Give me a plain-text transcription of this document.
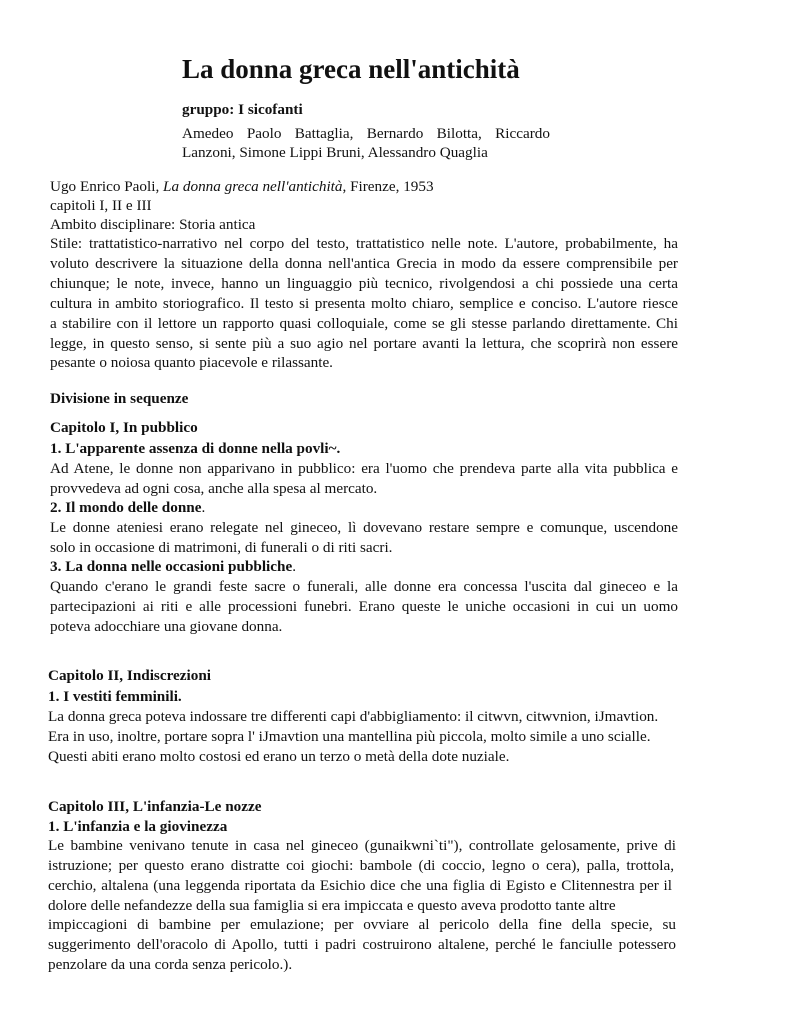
La donna greca nell'antichità
gruppo: I sicofanti
Amedeo Paolo Battaglia, Bernardo Bilotta, Riccardo
Lanzoni, Simone Lippi Bruni, Alessandro Quaglia
Ugo Enrico Paoli, La donna greca nell'antichità, Firenze, 1953
capitoli I, II e III
Ambito disciplinare: Storia antica
Stile: trattatistico-narrativo nel corpo del testo, trattatistico nelle note. L'autore, probabilmente, ha
voluto descrivere la situazione della donna nell'antica Grecia in modo da essere comprensibile per
chiunque; le note, invece, hanno un linguaggio più tecnico, rivolgendosi a chi possiede una certa
cultura in ambito storiografico. Il testo si presenta molto chiaro, semplice e conciso. L'autore riesce
a stabilire con il lettore un rapporto quasi colloquiale, come se gli stesse parlando direttamente. Chi
legge, in questo senso, si sente più a suo agio nel portare avanti la lettura, che scoprirà non essere
pesante o noiosa quanto piacevole e rilassante.
Divisione in sequenze
Capitolo I, In pubblico
1. L'apparente assenza di donne nella povli~.
Ad Atene, le donne non apparivano in pubblico: era l'uomo che prendeva parte alla vita pubblica e
provvedeva ad ogni cosa, anche alla spesa al mercato.
2. Il mondo delle donne.
Le donne ateniesi erano relegate nel gineceo, lì dovevano restare sempre e comunque, uscendone
solo in occasione di matrimoni, di funerali o di riti sacri.
3. La donna nelle occasioni pubbliche.
Quando c'erano le grandi feste sacre o funerali, alle donne era concessa l'uscita dal gineceo e la
partecipazioni ai riti e alle processioni funebri. Erano queste le uniche occasioni in cui un uomo
poteva adocchiare una giovane donna.
Capitolo II, Indiscrezioni
1. I vestiti femminili.
La donna greca poteva indossare tre differenti capi d'abbigliamento: il citwvn, citwvnion, iJmavtion.
Era in uso, inoltre, portare sopra l' iJmavtion una mantellina più piccola, molto simile a uno scialle.
Questi abiti erano molto costosi ed erano un terzo o metà della dote nuziale.
Capitolo III, L'infanzia-Le nozze
1. L'infanzia e la giovinezza
Le bambine venivano tenute in casa nel gineceo (gunaikwni`ti"), controllate gelosamente, prive di
istruzione; per questo erano distratte coi giochi: bambole (di coccio, legno o cera), palla, trottola,
cerchio, altalena (una leggenda riportata da Esichio dice che una figlia di Egisto e Clitennestra per il
dolore delle nefandezze della sua famiglia si era impiccata e questo aveva prodotto tante altre
impiccagioni di bambine per emulazione; per ovviare al pericolo della fine della specie, su
suggerimento dell'oracolo di Apollo, tutti i padri costruirono altalene, perché le fanciulle potessero
penzolare da una corda senza pericolo.).
